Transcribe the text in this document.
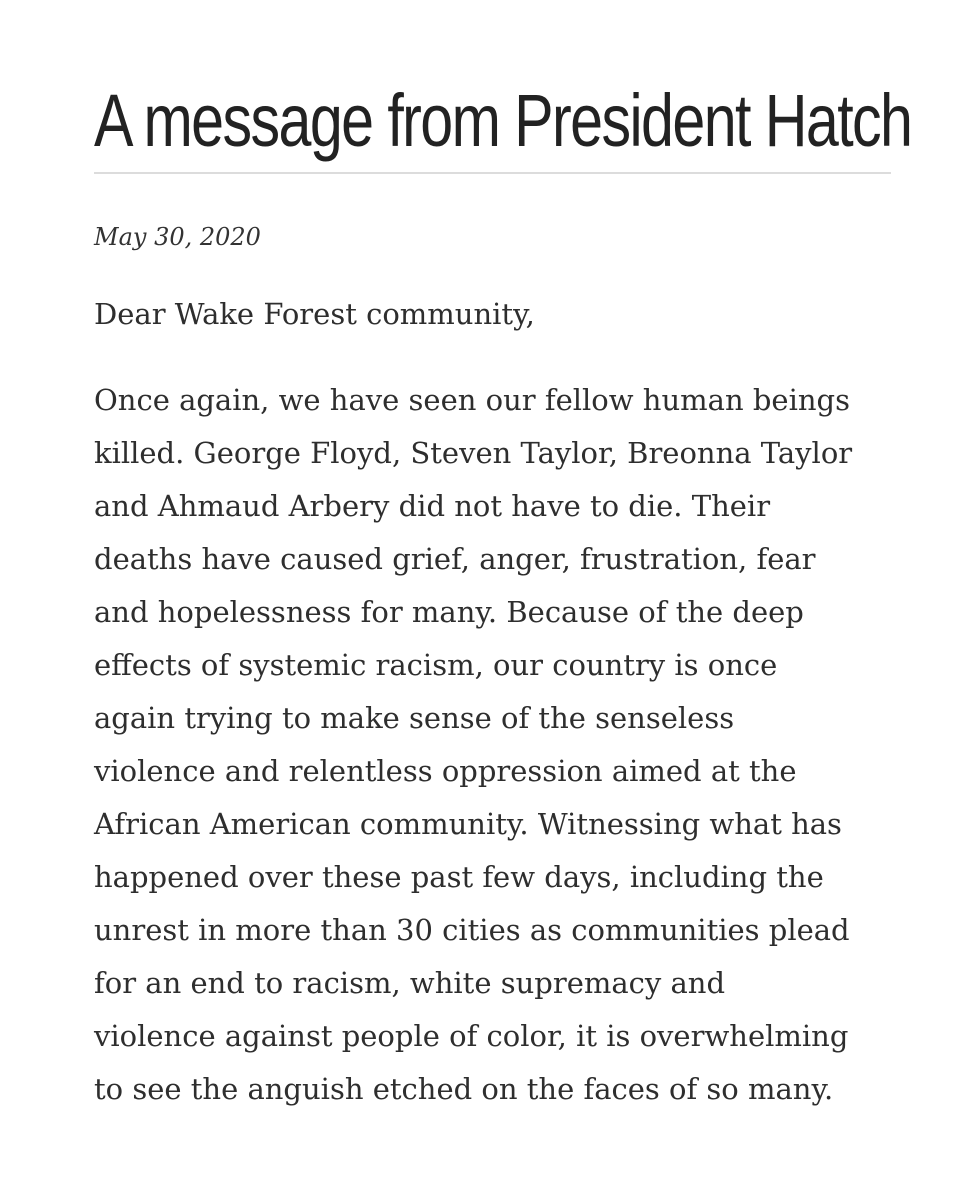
A message from President Hatch

May 30, 2020

Dear Wake Forest community,

Once again, we have seen our fellow human beings killed. George Floyd, Steven Taylor, Breonna Taylor and Ahmaud Arbery did not have to die. Their deaths have caused grief, anger, frustration, fear and hopelessness for many. Because of the deep effects of systemic racism, our country is once again trying to make sense of the senseless violence and relentless oppression aimed at the African American community. Witnessing what has happened over these past few days, including the unrest in more than 30 cities as communities plead for an end to racism, white supremacy and violence against people of color, it is overwhelming to see the anguish etched on the faces of so many.
